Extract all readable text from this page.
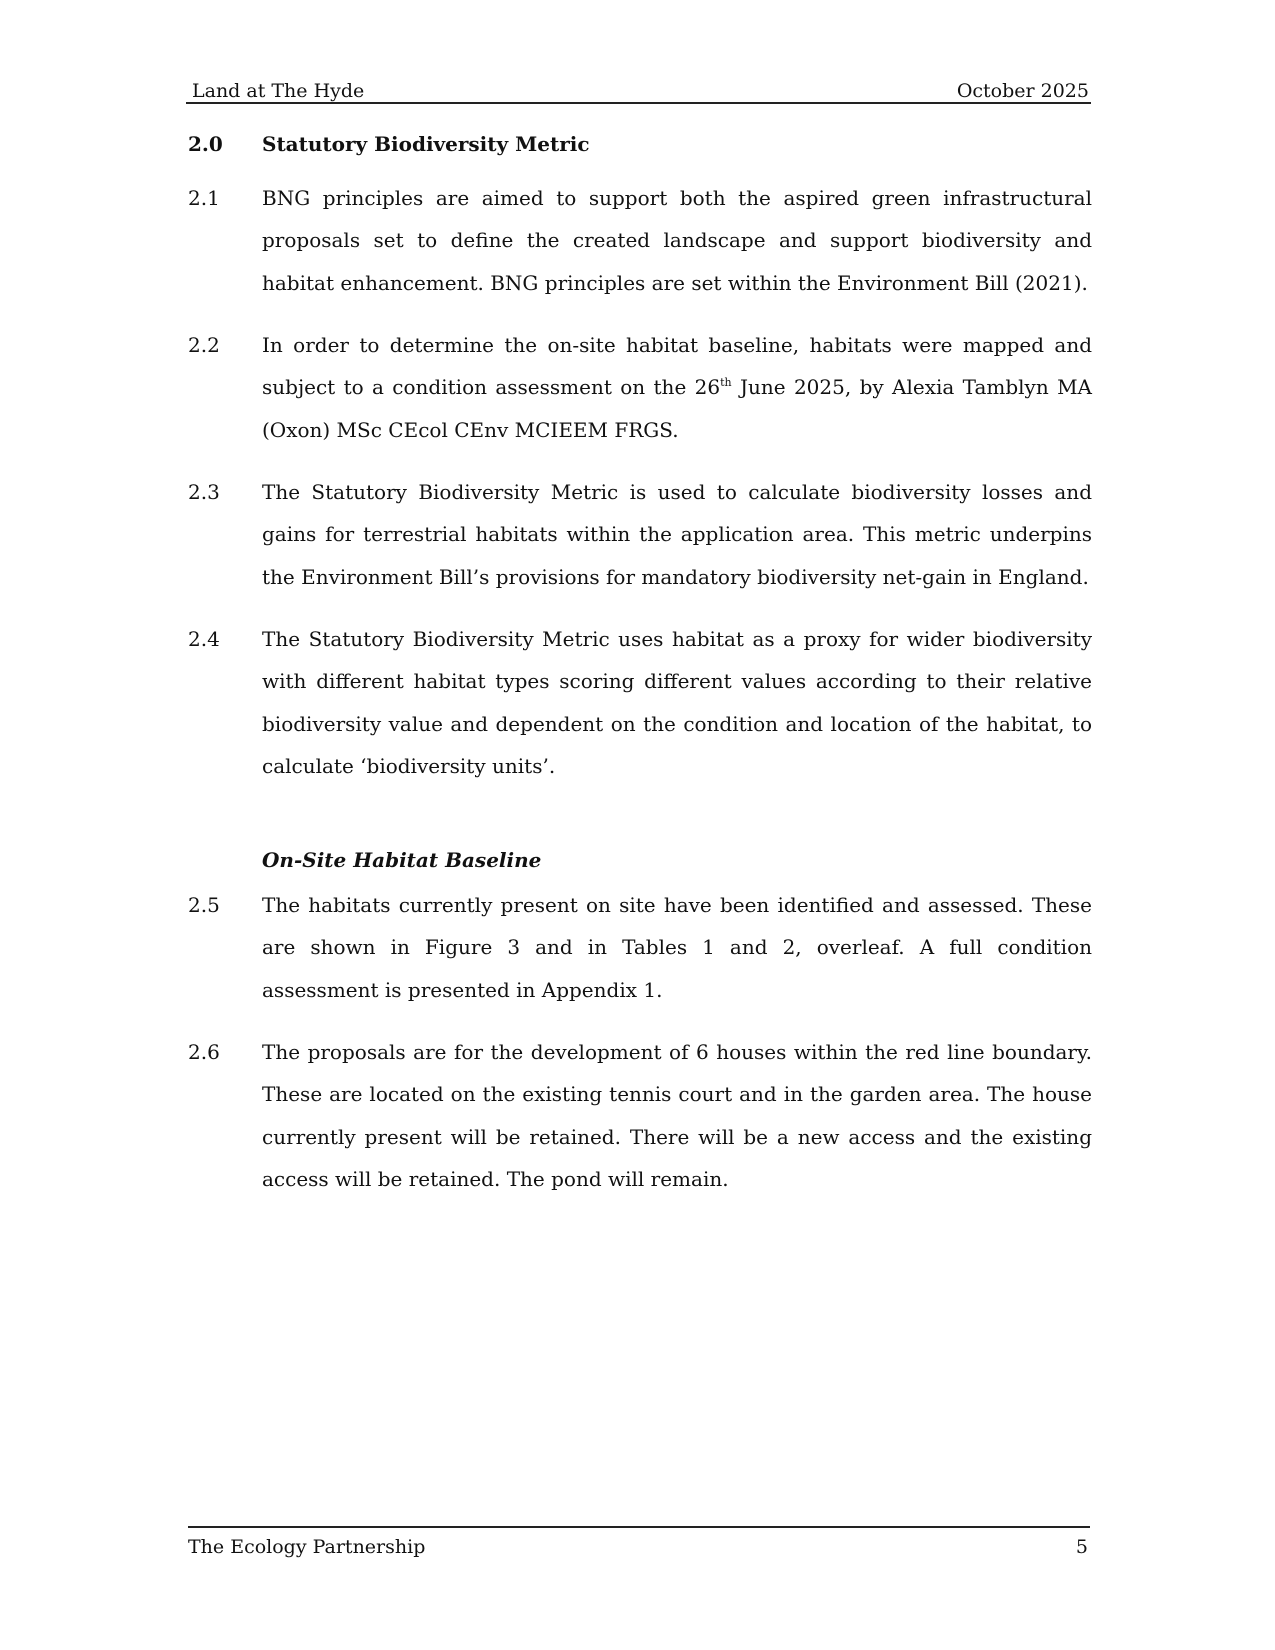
Land at The Hyde	October 2025
2.0	Statutory Biodiversity Metric
2.1 BNG principles are aimed to support both the aspired green infrastructural proposals set to define the created landscape and support biodiversity and habitat enhancement. BNG principles are set within the Environment Bill (2021).
2.2 In order to determine the on-site habitat baseline, habitats were mapped and subject to a condition assessment on the 26th June 2025, by Alexia Tamblyn MA (Oxon) MSc CEcol CEnv MCIEEM FRGS.
2.3 The Statutory Biodiversity Metric is used to calculate biodiversity losses and gains for terrestrial habitats within the application area. This metric underpins the Environment Bill’s provisions for mandatory biodiversity net-gain in England.
2.4 The Statutory Biodiversity Metric uses habitat as a proxy for wider biodiversity with different habitat types scoring different values according to their relative biodiversity value and dependent on the condition and location of the habitat, to calculate ‘biodiversity units’.
On-Site Habitat Baseline
2.5 The habitats currently present on site have been identified and assessed. These are shown in Figure 3 and in Tables 1 and 2, overleaf. A full condition assessment is presented in Appendix 1.
2.6 The proposals are for the development of 6 houses within the red line boundary. These are located on the existing tennis court and in the garden area. The house currently present will be retained. There will be a new access and the existing access will be retained. The pond will remain.
The Ecology Partnership	5
